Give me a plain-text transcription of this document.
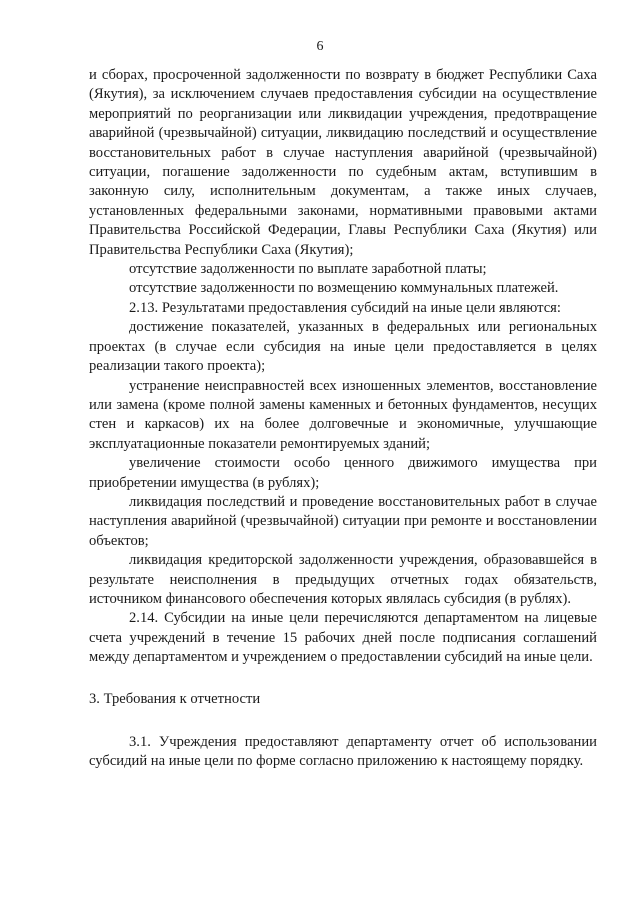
6

и сборах, просроченной задолженности по возврату в бюджет Республики Саха (Якутия), за исключением случаев предоставления субсидии на осуществление мероприятий по реорганизации или ликвидации учреждения, предотвращение аварийной (чрезвычайной) ситуации, ликвидацию последствий и осуществление восстановительных работ в случае наступления аварийной (чрезвычайной) ситуации, погашение задолженности по судебным актам, вступившим в законную силу, исполнительным документам, а также иных случаев, установленных федеральными законами, нормативными правовыми актами Правительства Российской Федерации, Главы Республики Саха (Якутия) или Правительства Республики Саха (Якутия);

отсутствие задолженности по выплате заработной платы;

отсутствие задолженности по возмещению коммунальных платежей.

2.13. Результатами предоставления субсидий на иные цели являются:

достижение показателей, указанных в федеральных или региональных проектах (в случае если субсидия на иные цели предоставляется в целях реализации такого проекта);

устранение неисправностей всех изношенных элементов, восстановление или замена (кроме полной замены каменных и бетонных фундаментов, несущих стен и каркасов) их на более долговечные и экономичные, улучшающие эксплуатационные показатели ремонтируемых зданий;

увеличение стоимости особо ценного движимого имущества при приобретении имущества (в рублях);

ликвидация последствий и проведение восстановительных работ в случае наступления аварийной (чрезвычайной) ситуации при ремонте и восстановлении объектов;

ликвидация кредиторской задолженности учреждения, образовавшейся в результате неисполнения в предыдущих отчетных годах обязательств, источником финансового обеспечения которых являлась субсидия (в рублях).

2.14. Субсидии на иные цели перечисляются департаментом на лицевые счета учреждений в течение 15 рабочих дней после подписания соглашений между департаментом и учреждением о предоставлении субсидий на иные цели.

3. Требования к отчетности

3.1. Учреждения предоставляют департаменту отчет об использовании субсидий на иные цели по форме согласно приложению к настоящему порядку.
